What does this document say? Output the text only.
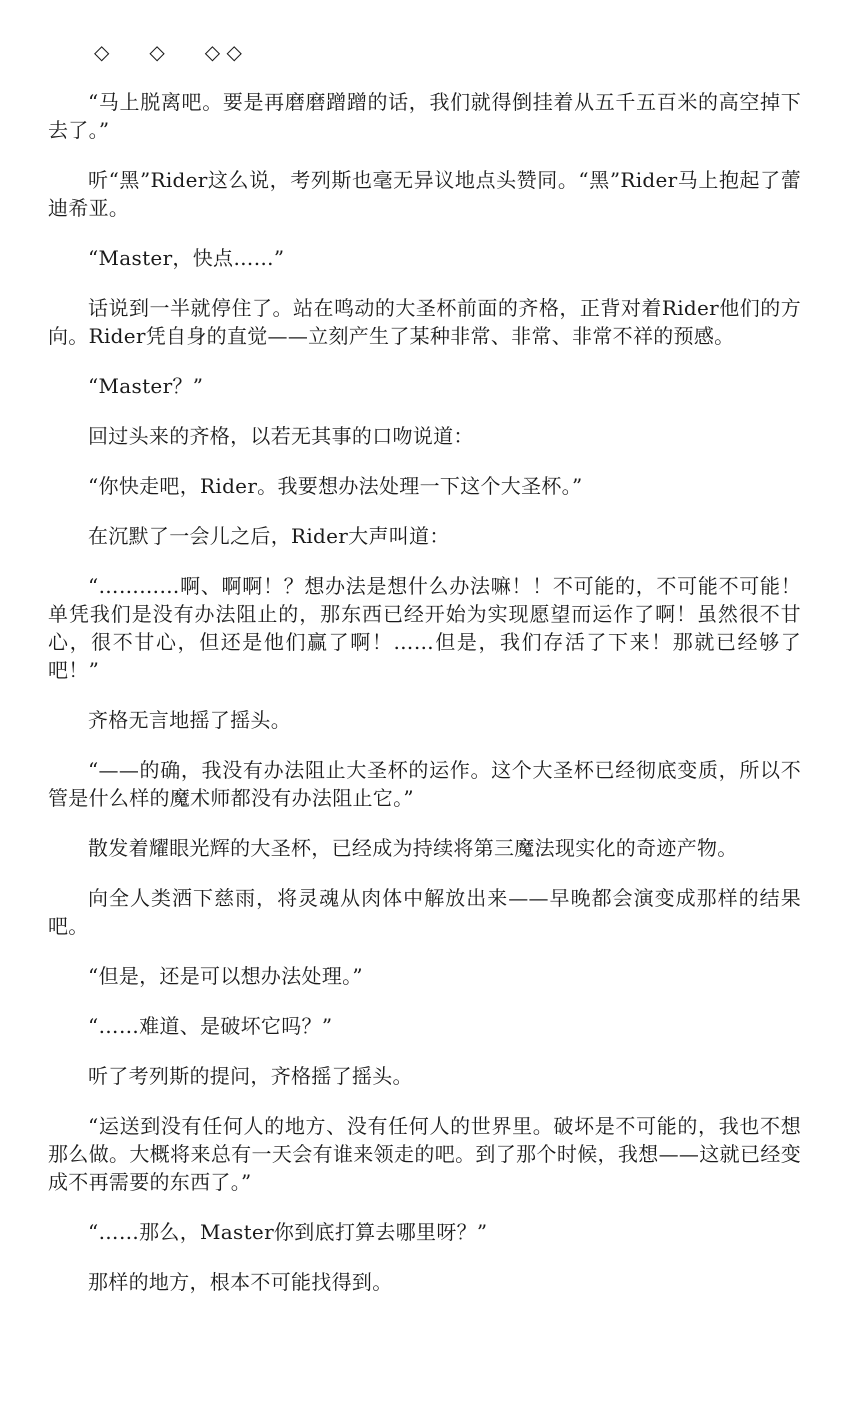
◇　　◇　　◇ ◇
“马上脱离吧。要是再磨磨蹭蹭的话，我们就得倒挂着从五千五百米的高空掉下去了。”
听“黑”Rider这么说，考列斯也毫无异议地点头赞同。“黑”Rider马上抱起了蕾迪希亚。
“Master，快点……”
话说到一半就停住了。站在鸣动的大圣杯前面的齐格，正背对着Rider他们的方向。Rider凭自身的直觉——立刻产生了某种非常、非常、非常不祥的预感。
“Master？”
回过头来的齐格，以若无其事的口吻说道：
“你快走吧，Rider。我要想办法处理一下这个大圣杯。”
在沉默了一会儿之后，Rider大声叫道：
“…………啊、啊啊！？想办法是想什么办法嘛！！不可能的，不可能不可能！单凭我们是没有办法阻止的，那东西已经开始为实现愿望而运作了啊！虽然很不甘心，很不甘心，但还是他们赢了啊！……但是，我们存活了下来！那就已经够了吧！”
齐格无言地摇了摇头。
“——的确，我没有办法阻止大圣杯的运作。这个大圣杯已经彻底变质，所以不管是什么样的魔术师都没有办法阻止它。”
散发着耀眼光辉的大圣杯，已经成为持续将第三魔法现实化的奇迹产物。
向全人类洒下慈雨，将灵魂从肉体中解放出来——早晚都会演变成那样的结果吧。
“但是，还是可以想办法处理。”
“……难道、是破坏它吗？”
听了考列斯的提问，齐格摇了摇头。
“运送到没有任何人的地方、没有任何人的世界里。破坏是不可能的，我也不想那么做。大概将来总有一天会有谁来领走的吧。到了那个时候，我想——这就已经变成不再需要的东西了。”
“……那么，Master你到底打算去哪里呀？”
那样的地方，根本不可能找得到。
